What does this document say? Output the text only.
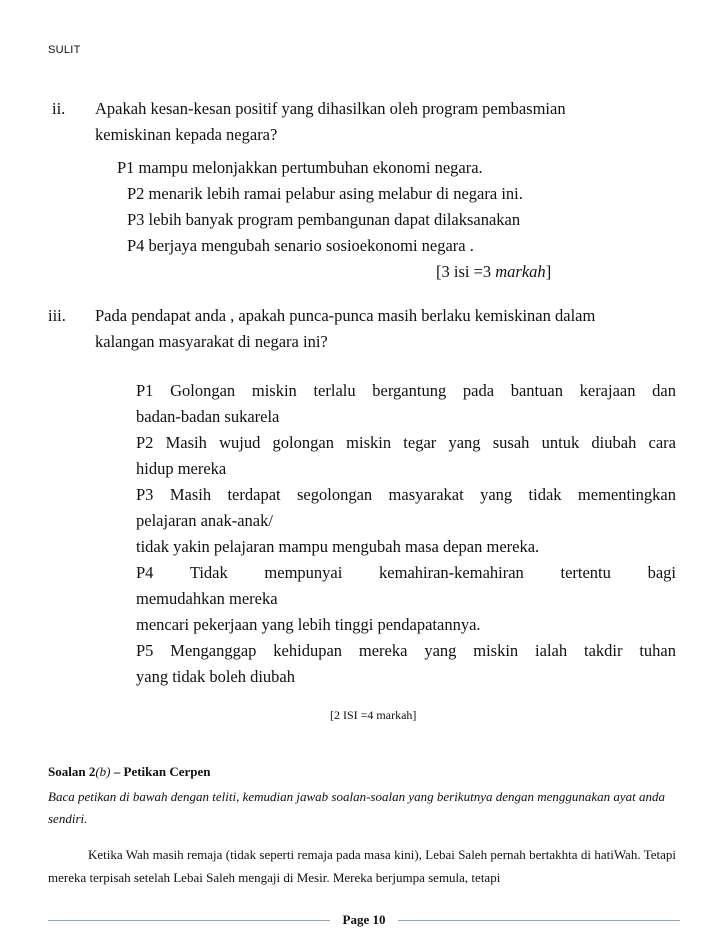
SULIT
ii. Apakah kesan-kesan positif yang dihasilkan oleh program pembasmian
kemiskinan kepada negara?
P1 mampu melonjakkan pertumbuhan ekonomi negara.
P2 menarik lebih ramai pelabur asing melabur di negara ini.
P3 lebih banyak program pembangunan dapat dilaksanakan
P4 berjaya mengubah senario sosioekonomi negara .
[3 isi =3 markah]
iii. Pada pendapat anda , apakah punca-punca masih berlaku kemiskinan dalam
kalangan masyarakat di negara ini?
P1 Golongan miskin terlalu bergantung pada bantuan kerajaan dan
badan-badan sukarela
P2 Masih wujud golongan miskin tegar yang susah untuk diubah cara
hidup mereka
P3 Masih terdapat segolongan masyarakat yang tidak mementingkan
pelajaran anak-anak/
tidak yakin pelajaran mampu mengubah masa depan mereka.
P4 Tidak mempunyai kemahiran-kemahiran tertentu bagi
memudahkan mereka
mencari pekerjaan yang lebih tinggi pendapatannya.
P5 Menganggap kehidupan mereka yang miskin ialah takdir tuhan
yang tidak boleh diubah
[2 ISI =4 markah]
Soalan 2(b) – Petikan Cerpen
Baca petikan di bawah dengan teliti, kemudian jawab soalan-soalan yang berikutnya dengan menggunakan ayat anda sendiri.
Ketika Wah masih remaja (tidak seperti remaja pada masa kini), Lebai Saleh pernah bertakhta di hatiWah. Tetapi mereka terpisah setelah Lebai Saleh mengaji di Mesir. Mereka berjumpa semula, tetapi
Page 10
